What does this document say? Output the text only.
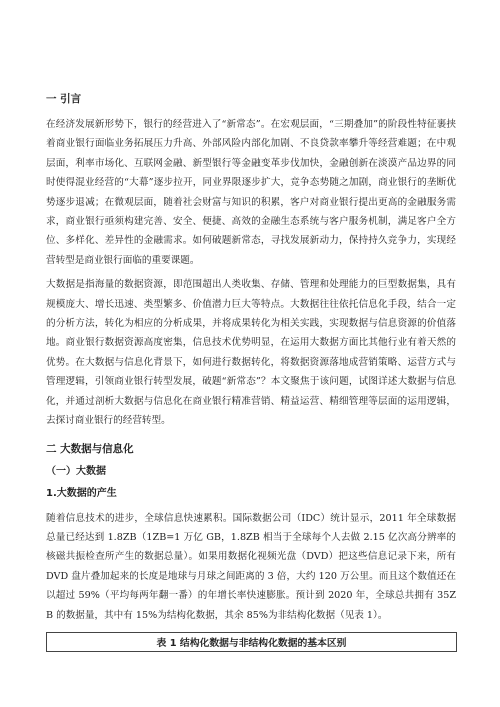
一 引言

在经济发展新形势下，银行的经营进入了“新常态”。在宏观层面，“三期叠加”的阶段性特征裹挟着商业银行面临业务拓展压力升高、外部风险内部化加剧、不良贷款率攀升等经营难题；在中观层面，利率市场化、互联网金融、新型银行等金融变革步伐加快，金融创新在淡漠产品边界的同时使得混业经营的“大幕”逐步拉开，同业界限逐步扩大，竞争态势随之加剧，商业银行的垄断优势逐步退减；在微观层面，随着社会财富与知识的积累，客户对商业银行提出更高的金融服务需求，商业银行亟须构建完善、安全、便捷、高效的金融生态系统与客户服务机制，满足客户全方位、多样化、差异性的金融需求。如何破题新常态，寻找发展新动力，保持持久竞争力，实现经营转型是商业银行面临的重要课题。

大数据是指海量的数据资源，即范围超出人类收集、存储、管理和处理能力的巨型数据集，具有规模庞大、增长迅速、类型繁多、价值潜力巨大等特点。大数据往往依托信息化手段，结合一定的分析方法，转化为相应的分析成果，并将成果转化为相关实践，实现数据与信息资源的价值落地。商业银行数据资源高度密集，信息技术优势明显，在运用大数据方面比其他行业有着天然的优势。在大数据与信息化背景下，如何进行数据转化，将数据资源落地成营销策略、运营方式与管理逻辑，引领商业银行转型发展，破题“新常态”？本文聚焦于该问题，试图详述大数据与信息化，并通过剖析大数据与信息化在商业银行精准营销、精益运营、精细管理等层面的运用逻辑，去探讨商业银行的经营转型。

二 大数据与信息化
（一）大数据
1.大数据的产生

随着信息技术的进步，全球信息快速累积。国际数据公司（IDC）统计显示，2011 年全球数据总量已经达到 1.8ZB（1ZB=1 万亿 GB，1.8ZB 相当于全球每个人去做 2.15 亿次高分辨率的核磁共振检查所产生的数据总量）。如果用数据化视频光盘（DVD）把这些信息记录下来，所有 DVD 盘片叠加起来的长度是地球与月球之间距离的 3 倍，大约 120 万公里。而且这个数值还在以超过 59%（平均每两年翻一番）的年增长率快速膨胀。预计到 2020 年，全球总共拥有 35ZB 的数据量，其中有 15%为结构化数据，其余 85%为非结构化数据（见表 1）。

表 1 结构化数据与非结构化数据的基本区别
